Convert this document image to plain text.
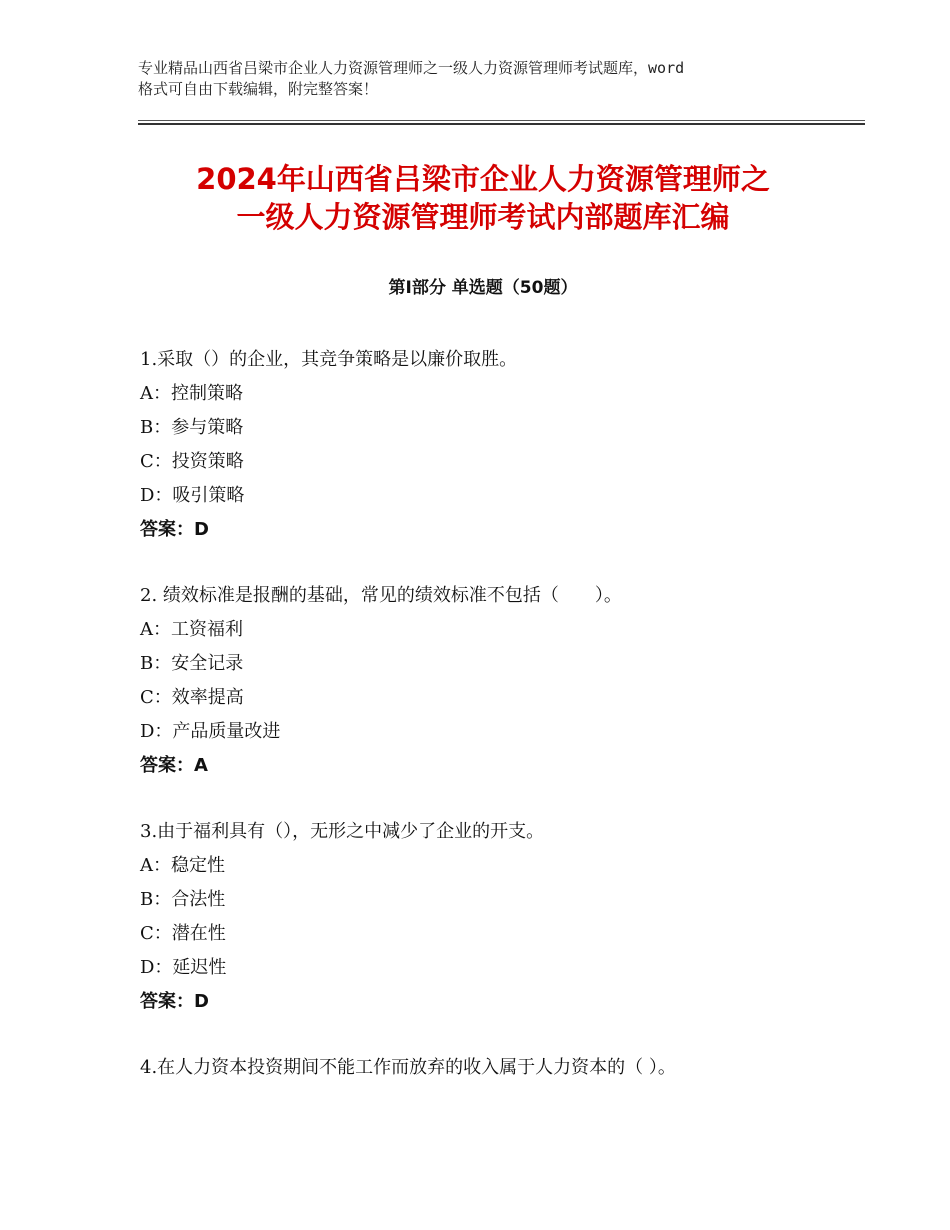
专业精品山西省吕梁市企业人力资源管理师之一级人力资源管理师考试题库，word
格式可自由下载编辑，附完整答案！
2024年山西省吕梁市企业人力资源管理师之
一级人力资源管理师考试内部题库汇编
第Ⅰ部分 单选题（50题）
1.采取（）的企业，其竞争策略是以廉价取胜。
A：控制策略
B：参与策略
C：投资策略
D：吸引策略
答案：D
2. 绩效标准是报酬的基础，常见的绩效标准不包括（　　）。
A：工资福利
B：安全记录
C：效率提高
D：产品质量改进
答案：A
3.由于福利具有（），无形之中减少了企业的开支。
A：稳定性
B：合法性
C：潜在性
D：延迟性
答案：D
4.在人力资本投资期间不能工作而放弃的收入属于人力资本的（ ）。
